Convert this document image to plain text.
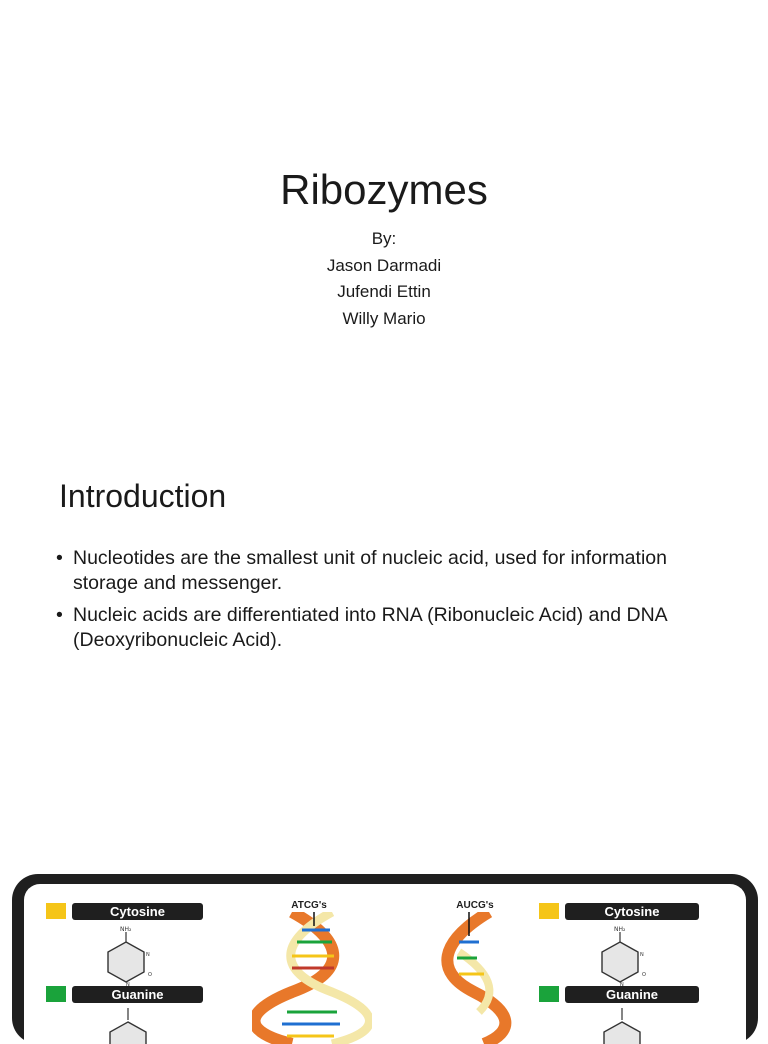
Ribozymes
By:
Jason Darmadi
Jufendi Ettin
Willy Mario
Introduction
• Nucleotides are the smallest unit of nucleic acid, used for information storage and messenger.
• Nucleic acids are differentiated into RNA (Ribonucleic Acid) and DNA (Deoxyribonucleic Acid).
Cytosine
NH₂
N
N
O
Guanine
ATCG's	AUCG's	Cytosine
NH₂
N
N
O
Guanine
